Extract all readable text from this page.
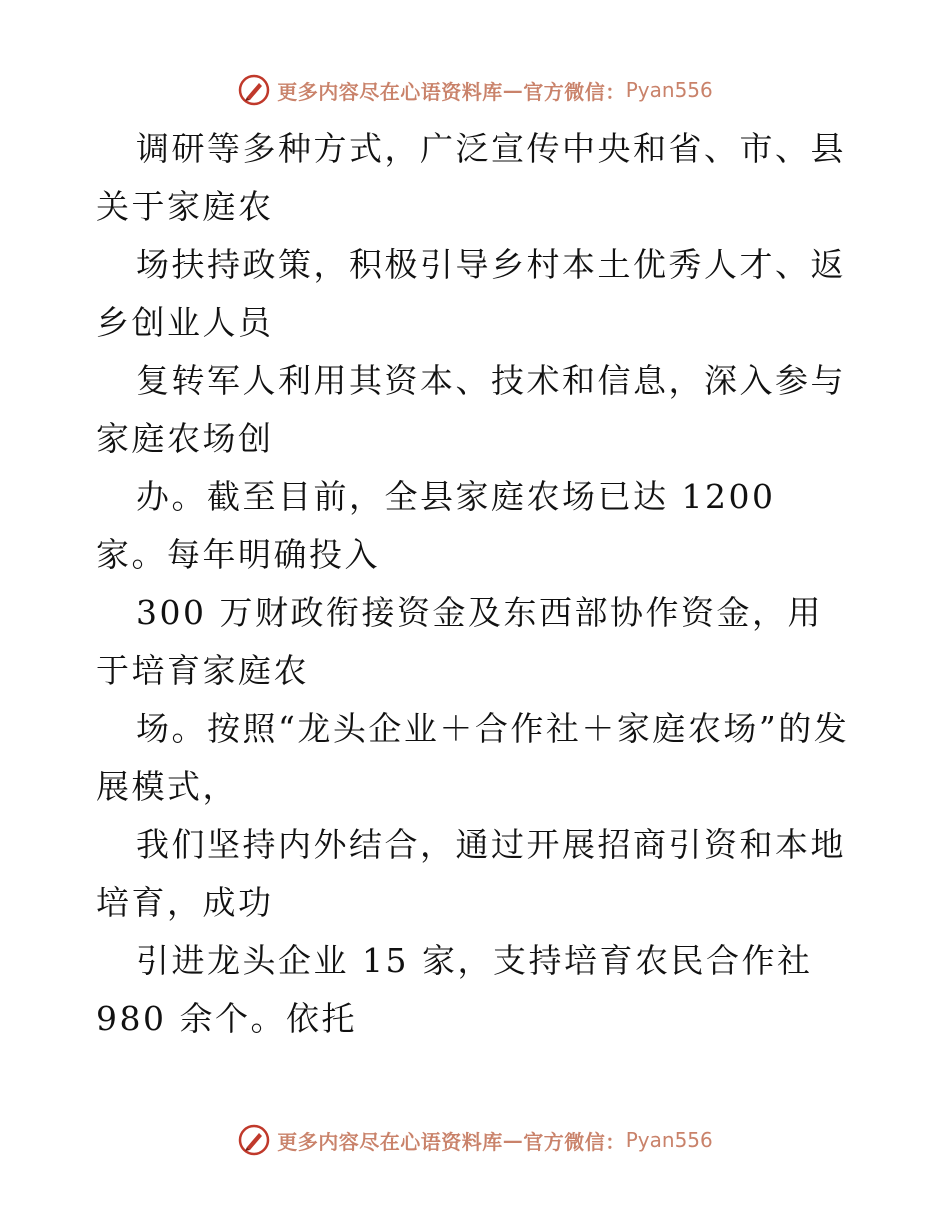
更多内容尽在心语资料库 — 官方微信： Pyan556

调研等多种方式，广泛宣传中央和省、市、县关于家庭农

场扶持政策，积极引导乡村本土优秀人才、返乡创业人员

复转军人利用其资本、技术和信息，深入参与家庭农场创

办。截至目前，全县家庭农场已达 1200 家。每年明确投入

300 万财政衔接资金及东西部协作资金，用于培育家庭农

场。按照“龙头企业＋合作社＋家庭农场”的发展模式，

我们坚持内外结合，通过开展招商引资和本地培育，成功

引进龙头企业 15 家，支持培育农民合作社 980 余个。依托

更多内容尽在心语资料库 — 官方微信： Pyan556
